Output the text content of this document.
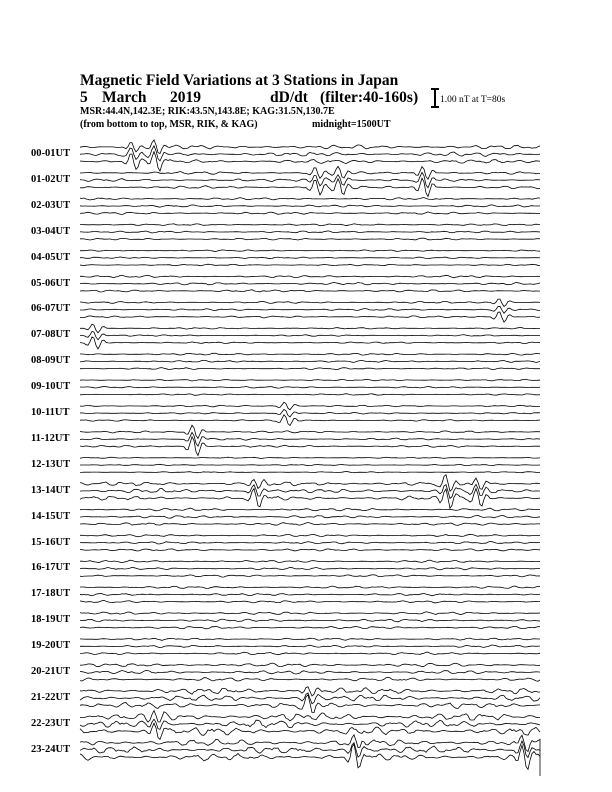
Magnetic Field Variations at 3 Stations in Japan
5 March 2019	dD/dt (filter:40-160s) 1.00 nT at T=80s
MSR:44.4N,142.3E; RIK:43.5N,143.8E; KAG:31.5N,130.7E
(from bottom to top, MSR, RIK, & KAG)	midnight=1500UT
00-01UT
01-02UT
02-03UT
03-04UT
04-05UT
05-06UT
06-07UT
07-08UT
08-09UT
09-10UT
10-11UT
11-12UT
12-13UT
13-14UT
14-15UT
15-16UT
16-17UT
17-18UT
18-19UT
19-20UT
20-21UT
21-22UT
22-23UT
23-24UT
